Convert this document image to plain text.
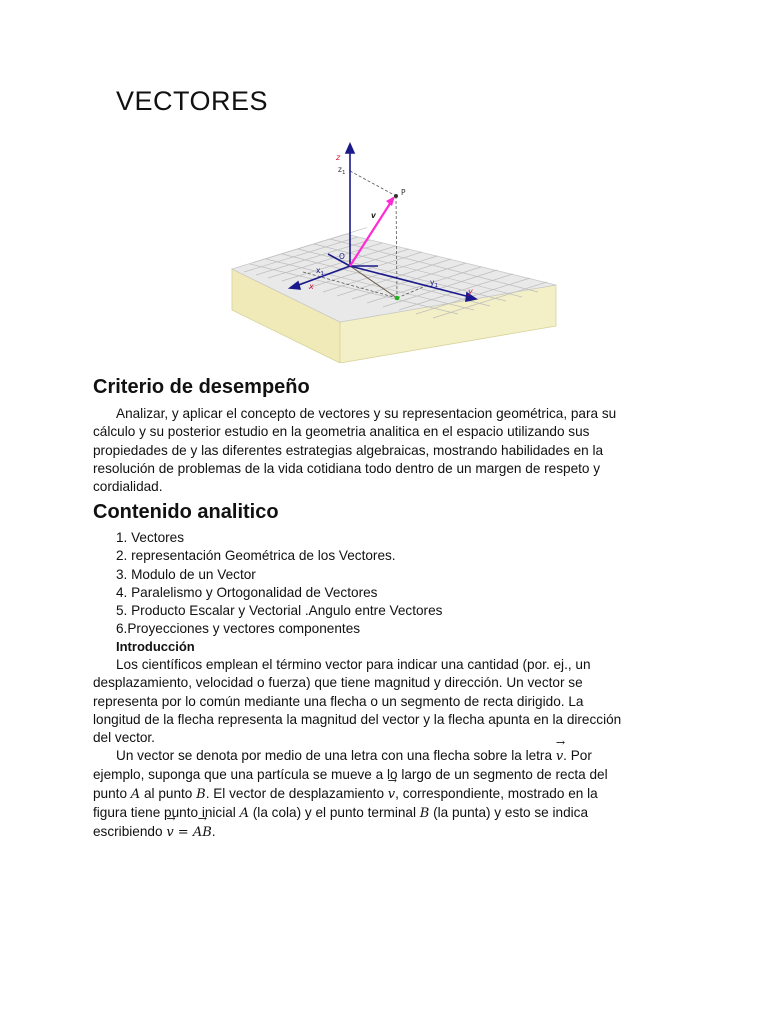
VECTORES
z
$z_1$
P
v
O
$x_1$
x	$y_1$
y
Criterio de desempeño
Analizar, y aplicar el concepto de vectores y su representacion geométrica, para su
cálculo y su posterior estudio en la geometria analitica en el espacio utilizando sus
propiedades de y las diferentes estrategias algebraicas, mostrando habilidades en la
resolución de problemas de la vida cotidiana todo dentro de un margen de respeto y
cordialidad.
Contenido analitico
1. Vectores
2. representación Geométrica de los Vectores.
3. Modulo de un Vector
4. Paralelismo y Ortogonalidad de Vectores
5. Producto Escalar y Vectorial .Angulo entre Vectores
6.Proyecciones y vectores componentes
Introducción
Los científicos emplean el término vector para indicar una cantidad (por. ej., un
desplazamiento, velocidad o fuerza) que tiene magnitud y dirección. Un vector se
representa por lo común mediante una flecha o un segmento de recta dirigido. La
longitud de la flecha representa la magnitud del vector y la flecha apunta en la dirección
del vector.
Un vector se denota por medio de una letra con una flecha sobre la letra v →. Por
ejemplo, suponga que una partícula se mueve a lo largo de un segmento de recta del
punto A al punto B. El vector de desplazamiento v →, correspondiente, mostrado en la
figura tiene punto inicial A (la cola) y el punto terminal B (la punta) y esto se indica
escribiendo v → = AB →.
